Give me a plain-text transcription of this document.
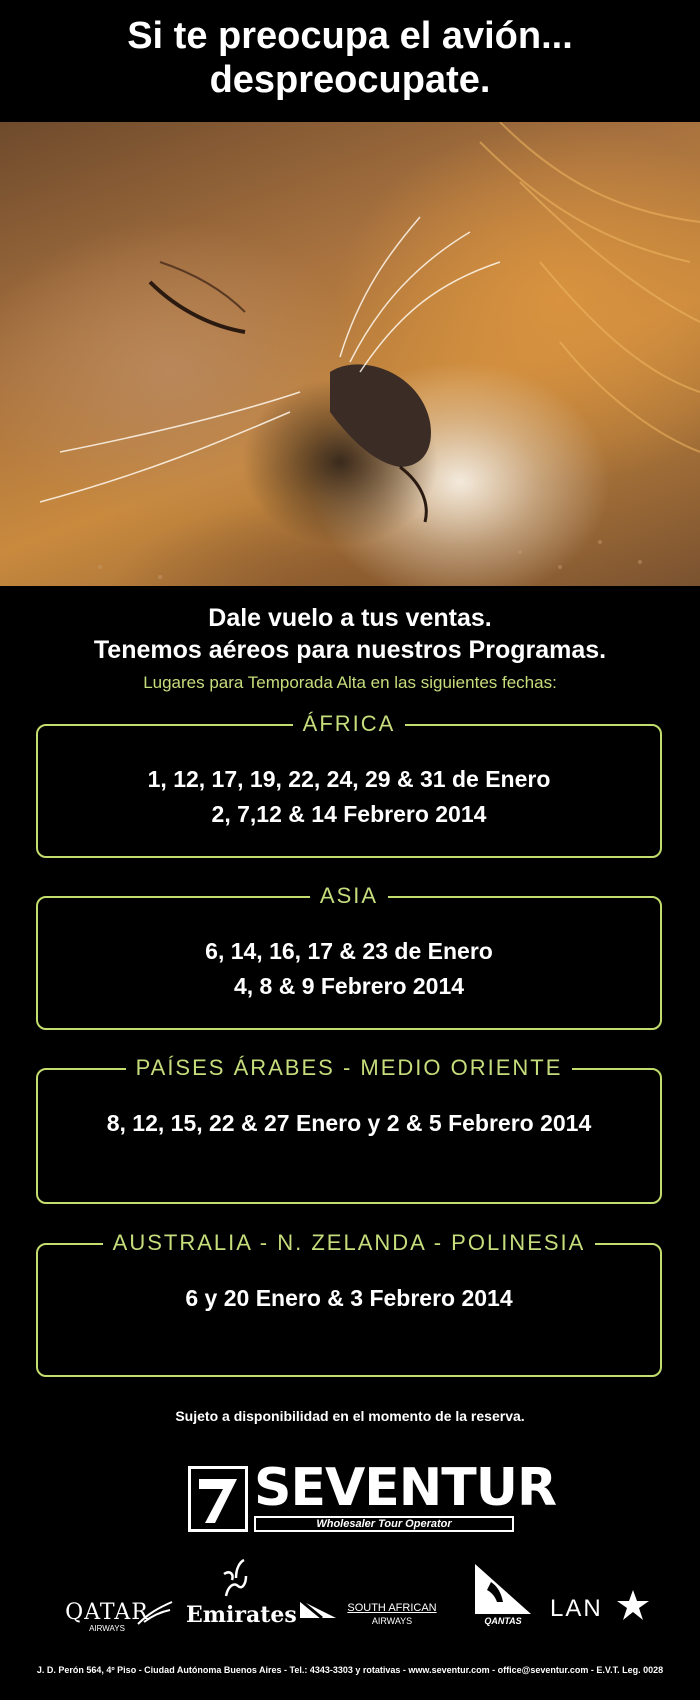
Si te preocupa el avión...
despreocupate.
Dale vuelo a tus ventas.
Tenemos aéreos para nuestros Programas.
Lugares para Temporada Alta en las siguientes fechas:
ÁFRICA
1, 12, 17, 19, 22, 24, 29 & 31 de Enero
2, 7,12 & 14 Febrero 2014
ASIA
6, 14, 16, 17 & 23 de Enero
4, 8 & 9 Febrero 2014
PAÍSES ÁRABES - MEDIO ORIENTE
8, 12, 15, 22 & 27 Enero y 2 & 5 Febrero 2014
AUSTRALIA - N. ZELANDA - POLINESIA
6 y 20 Enero & 3 Febrero 2014
Sujeto a disponibilidad en el momento de la reserva.
SEVENTUR
Wholesaler Tour Operator
QATAR
AIRWAYS
Emirates	SOUTH AFRICAN
AIRWAYS	QANTAS	LAN
J. D. Perón 564, 4º Piso - Ciudad Autónoma Buenos Aires - Tel.: 4343-3303 y rotativas - www.seventur.com - office@seventur.com - E.V.T. Leg. 0028
